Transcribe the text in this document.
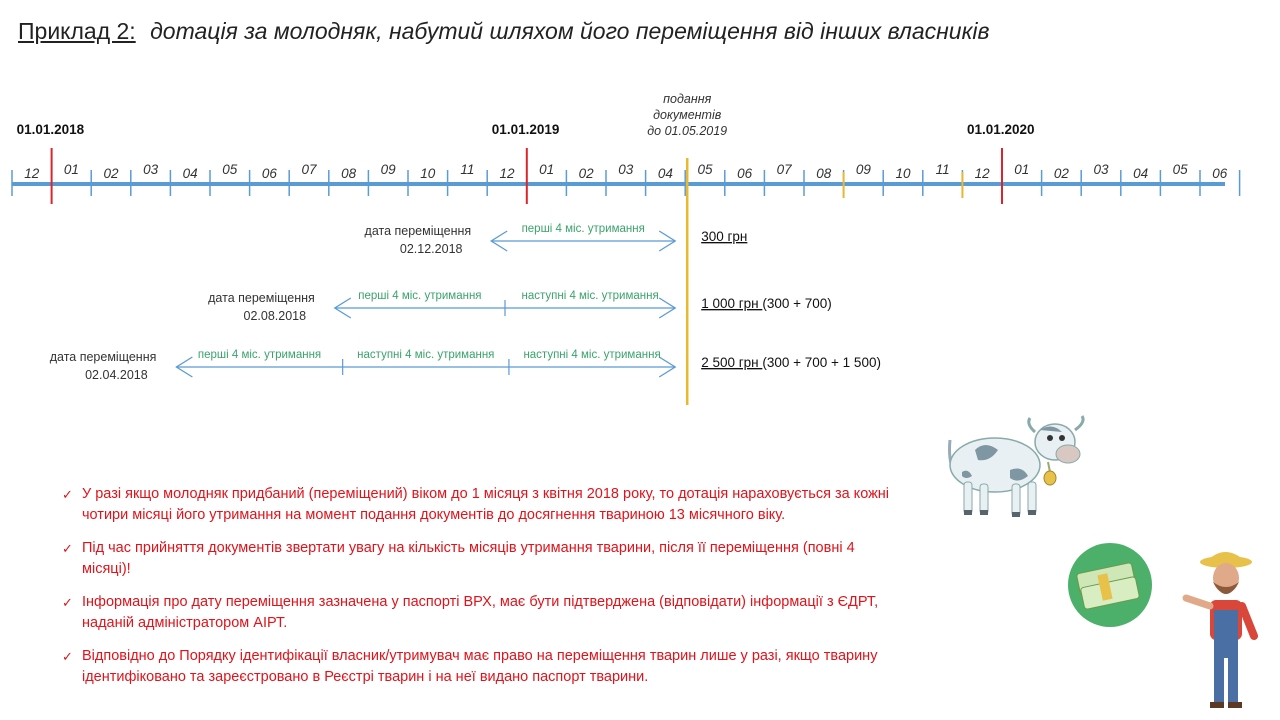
Приклад 2: дотація за молодняк, набутий шляхом його переміщення від інших власників
12 01 02 03 04 05 06 07 08 09 10 11 12 01 02 03 04 05 06 07 08 09 10 11 12 01 02 03 04 05 06
01.01.2018	01.01.2019	01.01.2020
подання
документів
до 01.05.2019
дата переміщення
02.12.2018
перші 4 міс. утримання	300 грн
дата переміщення
02.08.2018
перші 4 міс. утримання	наступні 4 міс. утримання	1 000 грн (300 + 700)
дата переміщення
02.04.2018
перші 4 міс. утримання	наступні 4 міс. утримання	наступні 4 міс. утримання	2 500 грн (300 + 700 + 1 500)
✓ У разі якщо молодняк придбаний (переміщений) віком до 1 місяця з квітня 2018 року, то дотація нараховується за кожні чотири місяці його утримання на момент подання документів до досягнення твариною 13 місячного віку.
✓ Під час прийняття документів звертати увагу на кількість місяців утримання тварини, після її переміщення (повні 4 місяці)!
✓ Інформація про дату переміщення зазначена у паспорті ВРХ, має бути підтверджена (відповідати) інформації з ЄДРТ, наданій адміністратором АІРТ.
✓ Відповідно до Порядку ідентифікації власник/утримувач має право на переміщення тварин лише у разі, якщо тварину ідентифіковано та зареєстровано в Реєстрі тварин і на неї видано паспорт тварини.
